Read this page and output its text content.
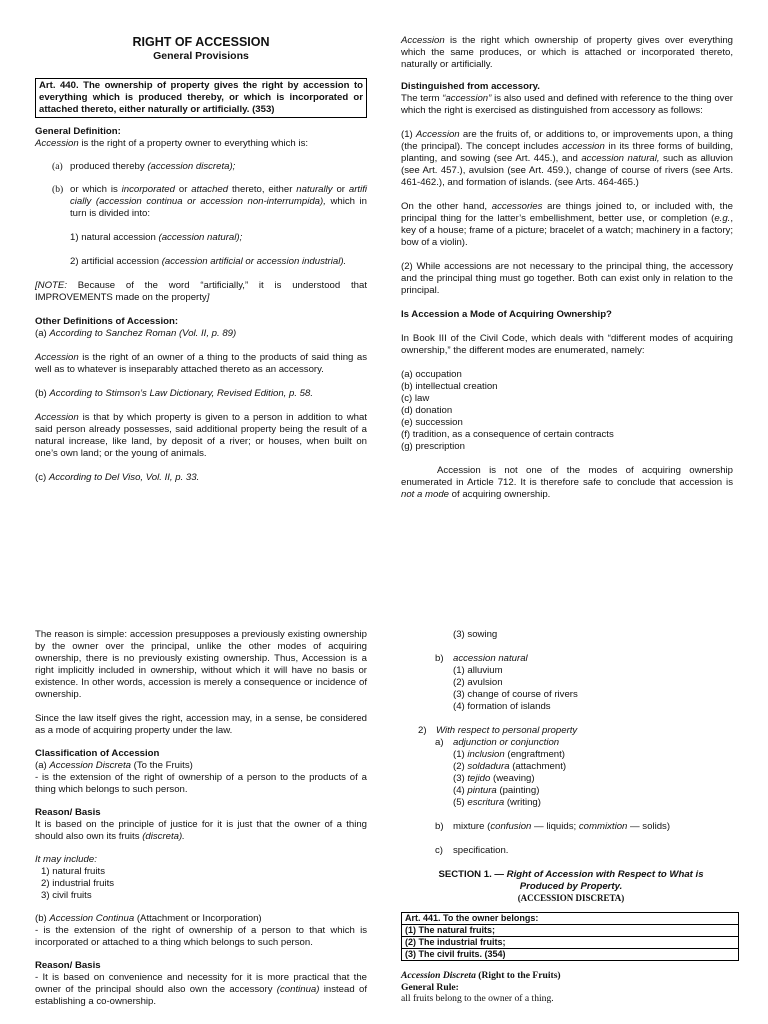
RIGHT OF ACCESSION
General Provisions
Art. 440. The ownership of property gives the right by accession to everything which is produced thereby, or which is incorporated or attached thereto, either naturally or artificially. (353)

General Definition:

Accession is the right of a property owner to everything which is:

(a) produced thereby (accession discreta);
(b) or which is incorporated or attached thereto, either naturally or artifi cially (accession continua or accession non-interrumpida), which in turn is divided into:

1) natural accession (accession natural);

2) artificial accession (accession artificial or accession industrial).

[NOTE: Because of the word “artificially,” it is understood that IMPROVEMENTS made on the property]

Other Definitions of Accession:

(a) According to Sanchez Roman (Vol. II, p. 89)

Accession is the right of an owner of a thing to the products of said thing as well as to whatever is inseparably attached thereto as an accessory.

(b) According to Stimson’s Law Dictionary, Revised Edition, p. 58.

Accession is that by which property is given to a person in addition to what said person already possesses, said additional property being the result of a natural increase, like land, by deposit of a river; or houses, when built on one’s own land; or the young of animals.

(c) According to Del Viso, Vol. II, p. 33.

Accession is the right which ownership of property gives over everything which the same produces, or which is attached or incorporated thereto, naturally or artificially.

Distinguished from accessory.

The term “accession” is also used and defined with reference to the thing over which the right is exercised as distinguished from accessory as follows:

(1) Accession are the fruits of, or additions to, or improvements upon, a thing (the principal). The concept includes accession in its three forms of building, planting, and sowing (see Art. 445.), and accession natural, such as alluvion (see Art. 457.), avulsion (see Art. 459.), change of course of rivers (see Arts. 461-462.), and formation of islands. (see Arts. 464-465.)

On the other hand, accessories are things joined to, or included with, the principal thing for the latter’s embellishment, better use, or completion (e.g., key of a house; frame of a picture; bracelet of a watch; machinery in a factory; bow of a violin).

(2) While accessions are not necessary to the principal thing, the accessory and the principal thing must go together. Both can exist only in relation to the principal.

Is Accession a Mode of Acquiring Ownership?

In Book III of the Civil Code, which deals with “different modes of acquiring ownership,” the different modes are enumerated, namely:

(a) occupation

(b) intellectual creation

(c) law

(d) donation

(e) succession

(f) tradition, as a consequence of certain contracts

(g) prescription

Accession is not one of the modes of acquiring ownership enumerated in Article 712. It is therefore safe to conclude that accession is not a mode of acquiring ownership.

The reason is simple: accession presupposes a previously existing ownership by the owner over the principal, unlike the other modes of acquiring ownership, there is no previously existing ownership. Thus, Accession is a right implicitly included in ownership, without which it will have no basis or existence. In other words, accession is merely a consequence or incidence of ownership.

Since the law itself gives the right, accession may, in a sense, be considered as a mode of acquiring property under the law.

Classification of Accession

(a) Accession Discreta (To the Fruits)

- is the extension of the right of ownership of a person to the products of a thing which belongs to such person.

Reason/ Basis

It is based on the principle of justice for it is just that the owner of a thing should also own its fruits (discreta).

It may include:

1) natural fruits

2) industrial fruits

3) civil fruits

(b) Accession Continua (Attachment or Incorporation)

- is the extension of the right of ownership of a person to that which is incorporated or attached to a thing which belongs to such person.

Reason/ Basis

- It is based on convenience and necessity for it is more practical that the owner of the principal should also own the accessory (continua) instead of establishing a co-ownership.

(3) sowing

b) accession natural

(1) alluvium

(2) avulsion

(3) change of course of rivers

(4) formation of islands

2) With respect to personal property
a) adjunction or conjunction

(1) inclusion (engraftment)

(2) soldadura (attachment)

(3) tejido (weaving)

(4) pintura (painting)

(5) escritura (writing)

b) mixture (confusion — liquids; commixtion — solids)
c)	specification.

SECTION 1. — Right of Accession with Respect to What is Produced by Property.

(ACCESSION DISCRETA)

Art. 441. To the owner belongs:
(1) The natural fruits;
(2) The industrial fruits;
(3) The civil fruits. (354)

Accession Discreta (Right to the Fruits)

General Rule:

all fruits belong to the owner of a thing.
